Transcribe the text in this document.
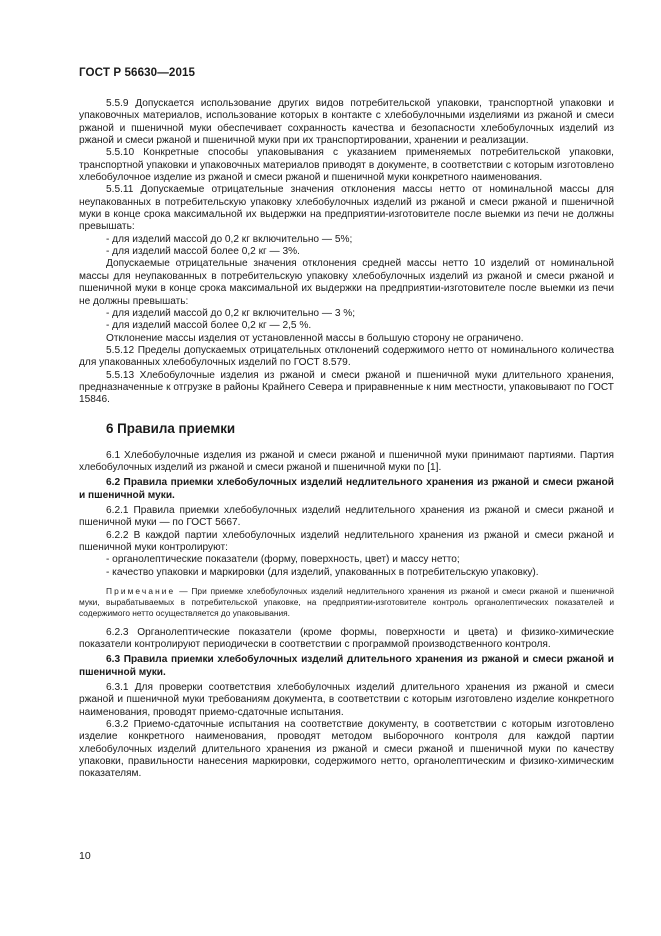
ГОСТ Р 56630—2015

5.5.9 Допускается использование других видов потребительской упаковки, транспортной упаковки и упаковочных материалов, использование которых в контакте с хлебобулочными изделиями из ржаной и смеси ржаной и пшеничной муки обеспечивает сохранность качества и безопасности хлебобулочных изделий из ржаной и смеси ржаной и пшеничной муки при их транспортировании, хранении и реализации.

5.5.10 Конкретные способы упаковывания с указанием применяемых потребительской упаковки, транспортной упаковки и упаковочных материалов приводят в документе, в соответствии с которым изготовлено хлебобулочное изделие из ржаной и смеси ржаной и пшеничной муки конкретного наименования.

5.5.11 Допускаемые отрицательные значения отклонения массы нетто от номинальной массы для неупакованных в потребительскую упаковку хлебобулочных изделий из ржаной и смеси ржаной и пшеничной муки в конце срока максимальной их выдержки на предприятии-изготовителе после выемки из печи не должны превышать:

- для изделий массой до 0,2 кг включительно — 5%;

- для изделий массой более 0,2 кг — 3%.

Допускаемые отрицательные значения отклонения средней массы нетто 10 изделий от номинальной массы для неупакованных в потребительскую упаковку хлебобулочных изделий из ржаной и смеси ржаной и пшеничной муки в конце срока максимальной их выдержки на предприятии-изготовителе после выемки из печи не должны превышать:

- для изделий массой до 0,2 кг включительно — 3 %;

- для изделий массой более 0,2 кг — 2,5 %.

Отклонение массы изделия от установленной массы в большую сторону не ограничено.

5.5.12 Пределы допускаемых отрицательных отклонений содержимого нетто от номинального количества для упакованных хлебобулочных изделий по ГОСТ 8.579.

5.5.13 Хлебобулочные изделия из ржаной и смеси ржаной и пшеничной муки длительного хранения, предназначенные к отгрузке в районы Крайнего Севера и приравненные к ним местности, упаковывают по ГОСТ 15846.

6 Правила приемки

6.1 Хлебобулочные изделия из ржаной и смеси ржаной и пшеничной муки принимают партиями. Партия хлебобулочных изделий из ржаной и смеси ржаной и пшеничной муки по [1].

6.2 Правила приемки хлебобулочных изделий недлительного хранения из ржаной и смеси ржаной и пшеничной муки.

6.2.1 Правила приемки хлебобулочных изделий недлительного хранения из ржаной и смеси ржаной и пшеничной муки — по ГОСТ 5667.

6.2.2 В каждой партии хлебобулочных изделий недлительного хранения из ржаной и смеси ржаной и пшеничной муки контролируют:

- органолептические показатели (форму, поверхность, цвет) и массу нетто;

- качество упаковки и маркировки (для изделий, упакованных в потребительскую упаковку).

Примечание — При приемке хлебобулочных изделий недлительного хранения из ржаной и смеси ржаной и пшеничной муки, вырабатываемых в потребительской упаковке, на предприятии-изготовителе контроль органолептических показателей и содержимого нетто осуществляется до упаковывания.

6.2.3 Органолептические показатели (кроме формы, поверхности и цвета) и физико-химические показатели контролируют периодически в соответствии с программой производственного контроля.

6.3 Правила приемки хлебобулочных изделий длительного хранения из ржаной и смеси ржаной и пшеничной муки.

6.3.1 Для проверки соответствия хлебобулочных изделий длительного хранения из ржаной и смеси ржаной и пшеничной муки требованиям документа, в соответствии с которым изготовлено изделие конкретного наименования, проводят приемо-сдаточные испытания.

6.3.2 Приемо-сдаточные испытания на соответствие документу, в соответствии с которым изготовлено изделие конкретного наименования, проводят методом выборочного контроля для каждой партии хлебобулочных изделий длительного хранения из ржаной и смеси ржаной и пшеничной муки по качеству упаковки, правильности нанесения маркировки, содержимого нетто, органолептическим и физико-химическим показателям.

10
